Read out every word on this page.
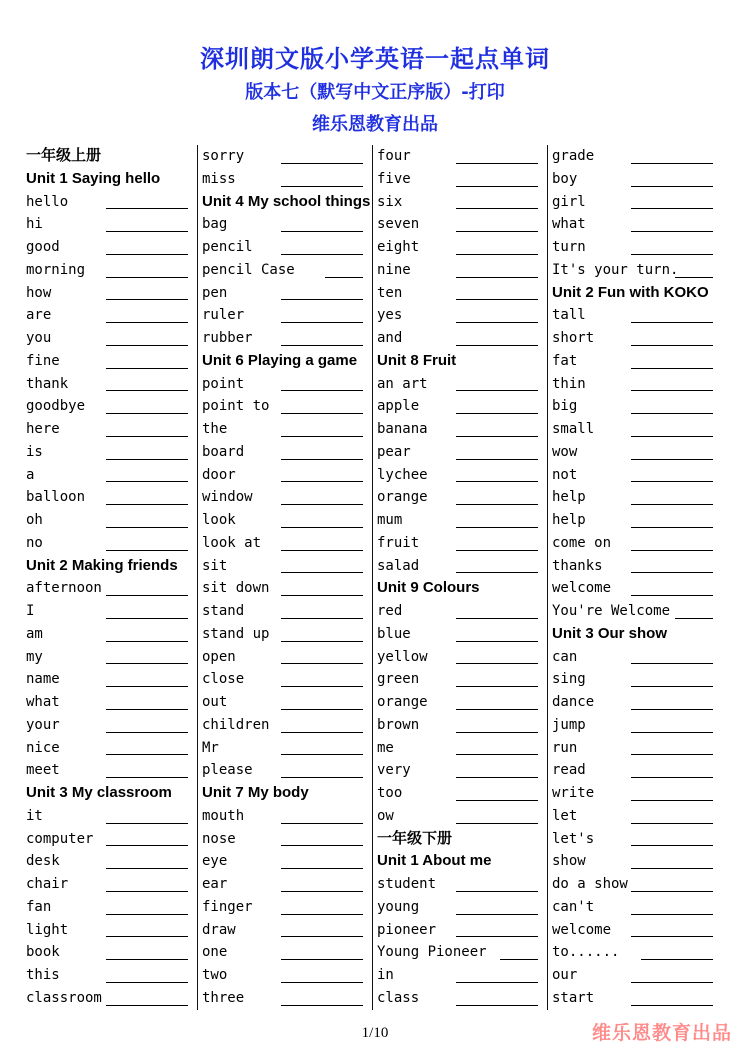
深圳朗文版小学英语一起点单词
版本七（默写中文正序版）-打印
维乐恩教育出品
一年级上册
Unit 1 Saying hello
hello
hi
good
morning
how
are
you
fine
thank
goodbye
here
is
a
balloon
oh
no
Unit 2 Making friends
afternoon
I
am
my
name
what
your
nice
meet
Unit 3 My classroom
it
computer
desk
chair
fan
light
book
this
classroom
sorry
miss
Unit 4 My school things
bag
pencil
pencil Case
pen
ruler
rubber
Unit 6 Playing a game
point
point to
the
board
door
window
look
look at
sit
sit down
stand
stand up
open
close
out
children
Mr
please
Unit 7 My body
mouth
nose
eye
ear
finger
draw
one
two
three
four
five
six
seven
eight
nine
ten
yes
and
Unit 8 Fruit
an art
apple
banana
pear
lychee
orange
mum
fruit
salad
Unit 9 Colours
red
blue
yellow
green
orange
brown
me
very
too
ow
一年级下册
Unit 1 About me
student
young
pioneer
Young Pioneer
in
class
grade
boy
girl
what
turn
It's your turn.
Unit 2 Fun with KOKO
tall
short
fat
thin
big
small
wow
not
help
help
come on
thanks
welcome
You're Welcome
Unit 3 Our show
can
sing
dance
jump
run
read
write
let
let's
show
do a show
can't
welcome
to......
our
start
1/10	维乐恩教育出品
